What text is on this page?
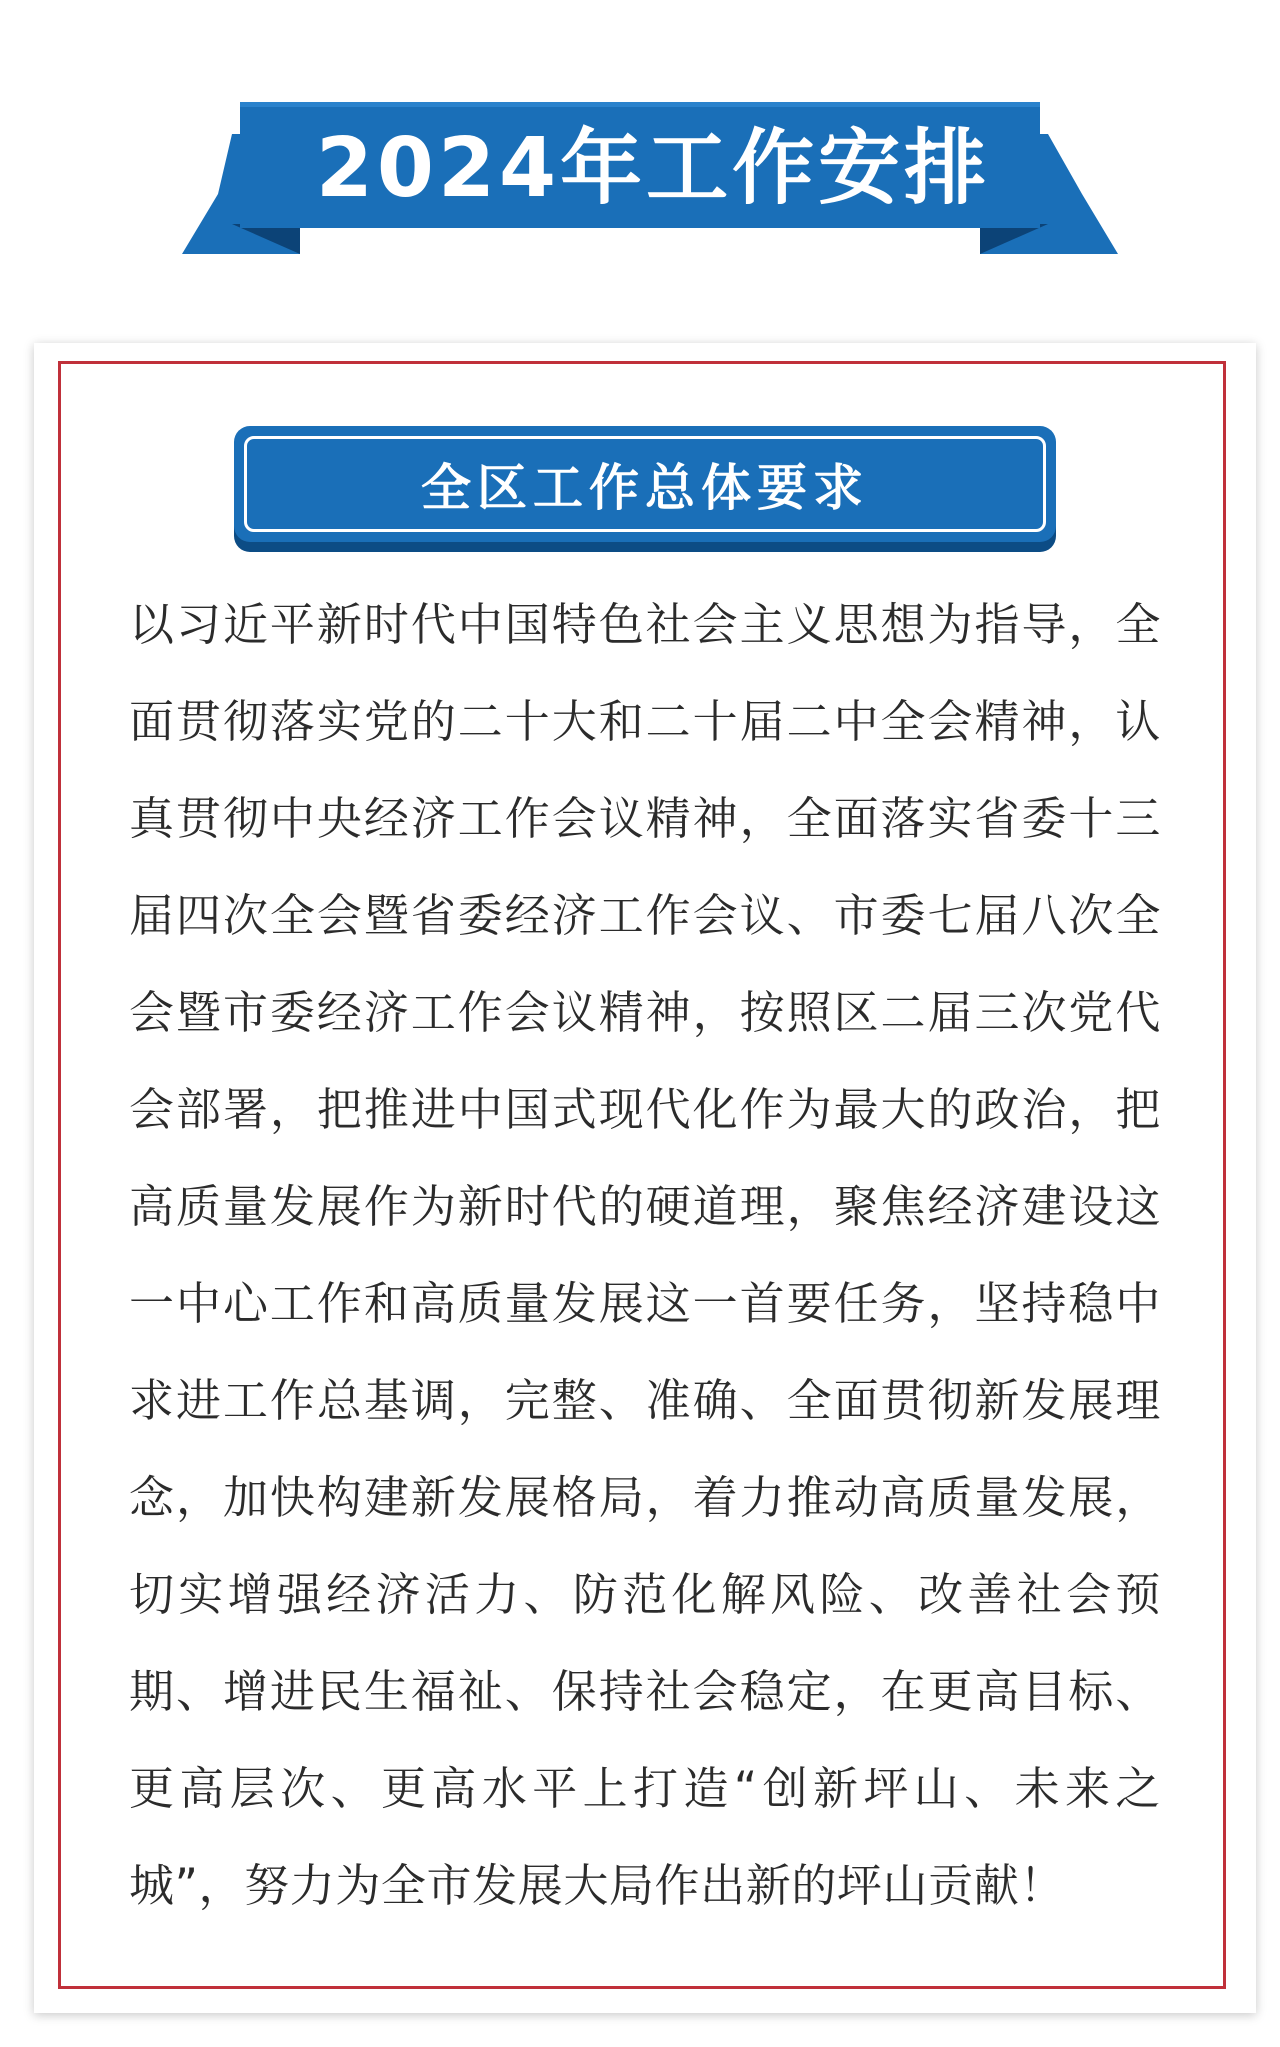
2024年工作安排
全区工作总体要求

以习近平新时代中国特色社会主义思想为指导，全面贯彻落实党的二十大和二十届二中全会精神，认真贯彻中央经济工作会议精神，全面落实省委十三届四次全会暨省委经济工作会议、市委七届八次全会暨市委经济工作会议精神，按照区二届三次党代会部署，把推进中国式现代化作为最大的政治，把高质量发展作为新时代的硬道理，聚焦经济建设这一中心工作和高质量发展这一首要任务，坚持稳中求进工作总基调，完整、准确、全面贯彻新发展理念，加快构建新发展格局，着力推动高质量发展，切实增强经济活力、防范化解风险、改善社会预期、增进民生福祉、保持社会稳定，在更高目标、更高层次、更高水平上打造“创新坪山、未来之城”，努力为全市发展大局作出新的坪山贡献！
